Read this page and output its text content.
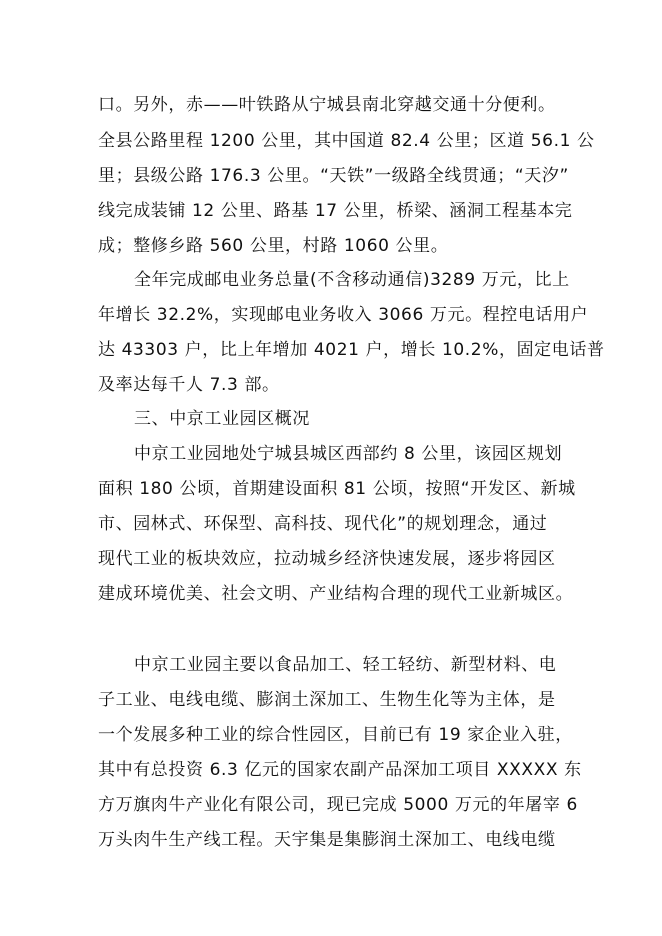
口。另外，赤——叶铁路从宁城县南北穿越交通十分便利。
全县公路里程 1200 公里，其中国道 82.4 公里；区道 56.1 公
里；县级公路 176.3 公里。“天铁”一级路全线贯通；“天汐”
线完成装铺 12 公里、路基 17 公里，桥梁、涵洞工程基本完
成；整修乡路 560 公里，村路 1060 公里。
全年完成邮电业务总量(不含移动通信)3289 万元，比上
年增长 32.2%，实现邮电业务收入 3066 万元。程控电话用户
达 43303 户，比上年增加 4021 户，增长 10.2%，固定电话普
及率达每千人 7.3 部。
三、中京工业园区概况
中京工业园地处宁城县城区西部约 8 公里，该园区规划
面积 180 公顷，首期建设面积 81 公顷，按照“开发区、新城
市、园林式、环保型、高科技、现代化”的规划理念，通过
现代工业的板块效应，拉动城乡经济快速发展，逐步将园区
建成环境优美、社会文明、产业结构合理的现代工业新城区。
中京工业园主要以食品加工、轻工轻纺、新型材料、电
子工业、电线电缆、膨润土深加工、生物生化等为主体，是
一个发展多种工业的综合性园区，目前已有 19 家企业入驻，
其中有总投资 6.3 亿元的国家农副产品深加工项目 XXXXX 东
方万旗肉牛产业化有限公司，现已完成 5000 万元的年屠宰 6
万头肉牛生产线工程。天宇集是集膨润土深加工、电线电缆
